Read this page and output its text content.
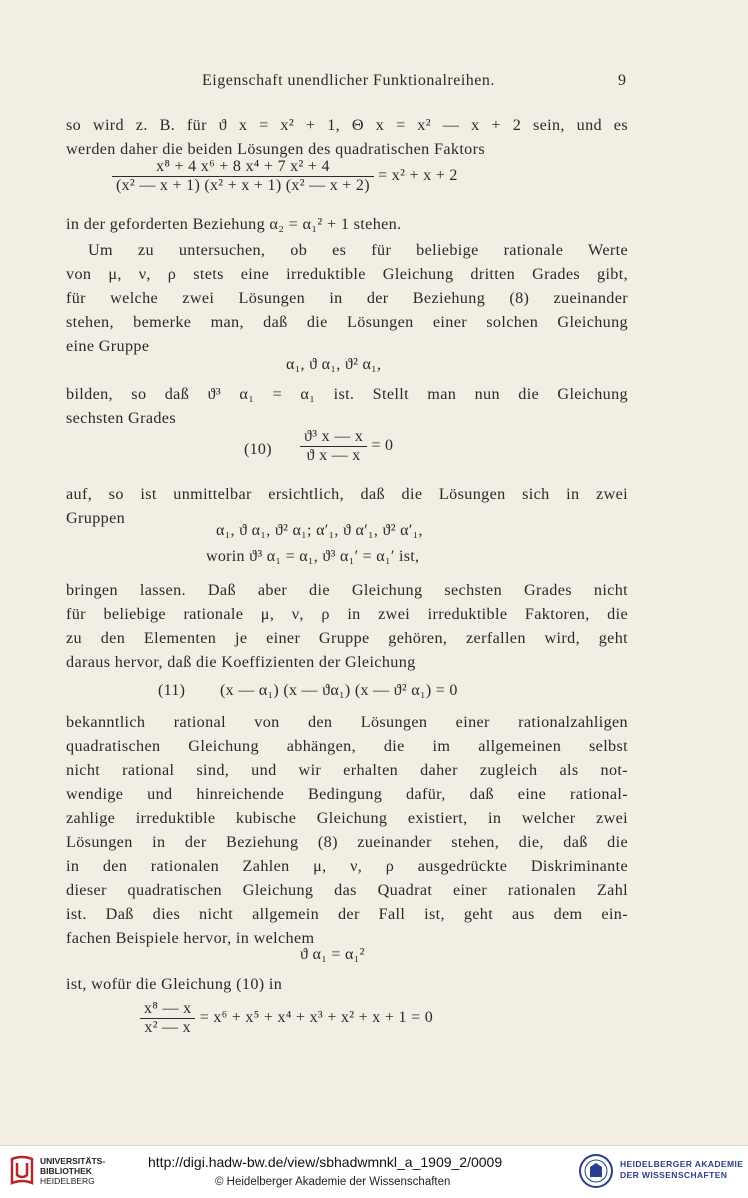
Eigenschaft unendlicher Funktionalreihen.	9
so wird z. B. für ϑ x = x² + 1, Θ x = x² — x + 2 sein, und es
werden daher die beiden Lösungen des quadratischen Faktors
$\frac{\text{x⁸ + 4 x⁶ + 8 x⁴ + 7 x² + 4}}{\text{(x² — x + 1) (x² + x + 1) (x² — x + 2)}} = x^2 + x + 2$
in der geforderten Beziehung α₂ = α₁² + 1 stehen.
Um zu untersuchen, ob es für beliebige rationale Werte
von μ, ν, ρ stets eine irreduktible Gleichung dritten Grades gibt,
für welche zwei Lösungen in der Beziehung (8) zueinander
stehen, bemerke man, daß die Lösungen einer solchen Gleichung
eine Gruppe
α₁, ϑ α₁, ϑ² α₁,
bilden, so daß ϑ³ α₁ = α₁ ist. Stellt man nun die Gleichung
sechsten Grades
$(10) \frac{\text{ϑ³ x — x}}{\text{ϑ x — x}} = 0$
auf, so ist unmittelbar ersichtlich, daß die Lösungen sich in zwei
Gruppen
α₁, ϑ α₁, ϑ² α₁; α′₁, ϑ α′₁, ϑ² α′₁,
worin ϑ³ α₁ = α₁, ϑ³ α₁′ = α₁′ ist,
bringen lassen. Daß aber die Gleichung sechsten Grades nicht
für beliebige rationale μ, ν, ρ in zwei irreduktible Faktoren, die
zu den Elementen je einer Gruppe gehören, zerfallen wird, geht
daraus hervor, daß die Koeffizienten der Gleichung
(11) (x — α₁) (x — ϑα₁) (x — ϑ² α₁) = 0
bekanntlich rational von den Lösungen einer rationalzahligen
quadratischen Gleichung abhängen, die im allgemeinen selbst
nicht rational sind, und wir erhalten daher zugleich als not-
wendige und hinreichende Bedingung dafür, daß eine rational-
zahlige irreduktible kubische Gleichung existiert, in welcher zwei
Lösungen in der Beziehung (8) zueinander stehen, die, daß die
in den rationalen Zahlen μ, ν, ρ ausgedrückte Diskriminante
dieser quadratischen Gleichung das Quadrat einer rationalen Zahl
ist. Daß dies nicht allgemein der Fall ist, geht aus dem ein-
fachen Beispiele hervor, in welchem
ϑ α₁ = α₁²
ist, wofür die Gleichung (10) in
$\frac{\text{x⁸ — x}}{\text{x² — x}} = x^6 + x^5 + x^4 + x^3 + x^2 + x + 1 = 0$
UNIVERSITÄTS-
BIBLIOTHEK
HEIDELBERG
http://digi.hadw-bw.de/view/sbhadwmnkl_a_1909_2/0009
© Heidelberger Akademie der Wissenschaften
HEIDELBERGER AKADEMIE
DER WISSENSCHAFTEN
